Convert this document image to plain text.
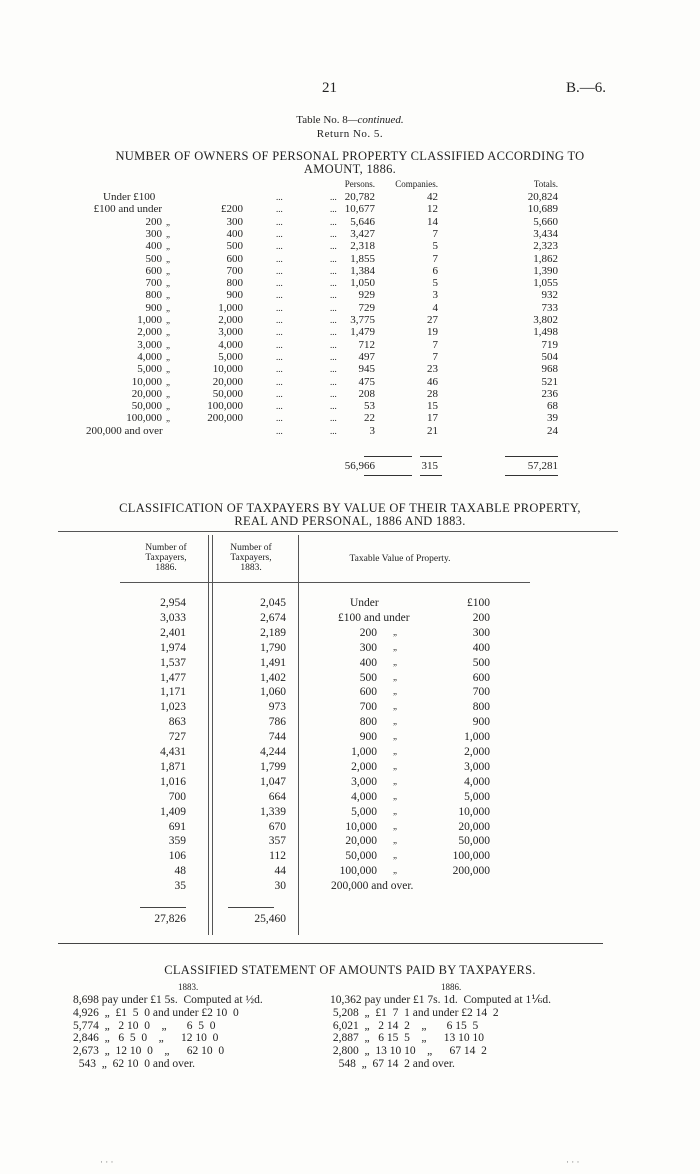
21	B.—6.
Table No. 8—continued.
Return No. 5.
NUMBER OF OWNERS OF PERSONAL PROPERTY CLASSIFIED ACCORDING TO
AMOUNT, 1886.
Persons. Companies.	Totals.
Under £100	...	... 20,782	42	20,824
£100 and under	£200	...	... 10,677	12	10,689
200 „	300	...	... 5,646	14	5,660
300 „	400	...	... 3,427	7	3,434
400 „	500	...	... 2,318	5	2,323
500 „	600	...	... 1,855	7	1,862
600 „	700	...	... 1,384	6	1,390
700 „	800	...	... 1,050	5	1,055
800 „	900	...	... 929	3	932
900 „	1,000	...	... 729	4	733
1,000 „	2,000	...	... 3,775	27	3,802
2,000 „	3,000	...	... 1,479	19	1,498
3,000 „	4,000	...	... 712	7	719
4,000 „	5,000	...	... 497	7	504
5,000 „	10,000	...	... 945	23	968
10,000 „	20,000	...	... 475	46	521
20,000 „	50,000	...	... 208	28	236
50,000 „	100,000	...	... 53	15	68
100,000 „	200,000	...	... 22	17	39
200,000 and over	...	...	3	21	24
56,966	315	57,281
CLASSIFICATION OF TAXPAYERS BY VALUE OF THEIR TAXABLE PROPERTY,
REAL AND PERSONAL, 1886 AND 1883.
Number of
Taxpayers,
1886.
Number of
Taxpayers,
1883.
Taxable Value of Property.
2,954	2,045	Under	£100
3,033	2,674	£100 and under	200
2,401	2,189	200 „	300
1,974	1,790	300 „	400
1,537	1,491	400 „	500
1,477	1,402	500 „	600
1,171	1,060	600 „	700
1,023	973	700 „	800
863	786	800 „	900
727	744	900 „	1,000
4,431	4,244	1,000 „	2,000
1,871	1,799	2,000 „	3,000
1,016	1,047	3,000 „	4,000
700	664	4,000 „	5,000
1,409	1,339	5,000 „	10,000
691	670	10,000 „	20,000
359	357	20,000 „	50,000
106	112	50,000 „	100,000
48	44	100,000 „	200,000
35	30	200,000 and over.
27,826	25,460
CLASSIFIED STATEMENT OF AMOUNTS PAID BY TAXPAYERS.
1883.	1886.
8,698 pay under £1 5s.  Computed at ½d.
4,926  „  £1  5  0 and under £2 10  0
5,774  „   2 10  0    „       6  5  0
2,846  „   6  5  0    „      12 10  0
2,673  „  12 10  0    „      62 10  0
543  „  62 10  0 and over.
10,362 pay under £1 7s. 1d.  Computed at 1⅙d.
5,208  „  £1  7  1 and under £2 14  2
6,021  „   2 14  2    „       6 15  5
2,887  „   6 15  5    „      13 10 10
2,800  „  13 10 10    „      67 14  2
548  „  67 14  2 and over.
· · ·	· · ·
